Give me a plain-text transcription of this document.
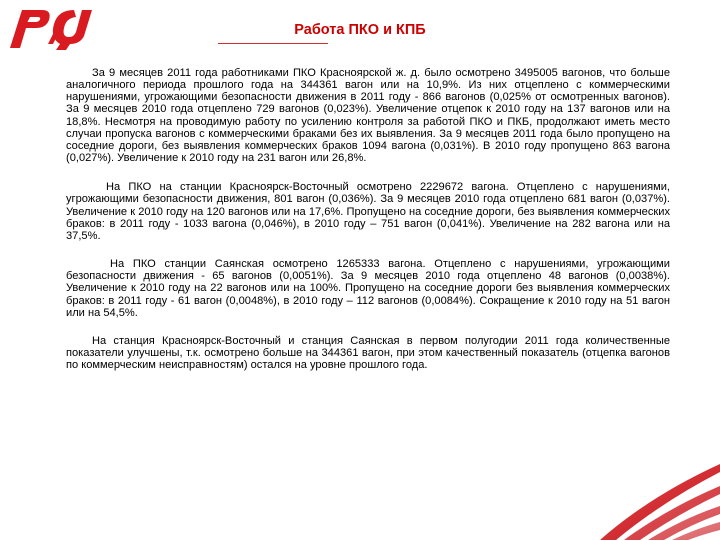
Работа ПКО и КПБ

За 9 месяцев 2011 года работниками ПКО Красноярской ж. д. было осмотрено 3495005 вагонов, что больше аналогичного периода прошлого года на 344361 вагон или на 10,9%. Из них отцеплено с коммерческими нарушениями, угрожающими безопасности движения в 2011 году - 866 вагонов (0,025% от осмотренных вагонов). За 9 месяцев 2010 года отцеплено 729 вагонов (0,023%). Увеличение отцепок к 2010 году на 137 вагонов или на 18,8%. Несмотря на проводимую работу по усилению контроля за работой ПКО и ПКБ, продолжают иметь место случаи пропуска вагонов с коммерческими браками без их выявления. За 9 месяцев 2011 года было пропущено на соседние дороги, без выявления коммерческих браков 1094 вагона (0,031%). В 2010 году пропущено 863 вагона (0,027%). Увеличение к 2010 году на 231 вагон или 26,8%.

На ПКО на станции Красноярск-Восточный осмотрено 2229672 вагона. Отцеплено с нарушениями, угрожающими безопасности движения, 801 вагон (0,036%). За 9 месяцев 2010 года отцеплено 681 вагон (0,037%). Увеличение к 2010 году на 120 вагонов или на 17,6%. Пропущено на соседние дороги, без выявления коммерческих браков: в 2011 году - 1033 вагона (0,046%), в 2010 году – 751 вагон (0,041%). Увеличение на 282 вагона или на 37,5%.

На ПКО станции Саянская осмотрено 1265333 вагона. Отцеплено с нарушениями, угрожающими безопасности движения - 65 вагонов (0,0051%). За 9 месяцев 2010 года отцеплено 48 вагонов (0,0038%). Увеличение к 2010 году на 22 вагонов или на 100%. Пропущено на соседние дороги без выявления коммерческих браков: в 2011 году - 61 вагон (0,0048%), в 2010 году – 112 вагонов (0,0084%). Сокращение к 2010 году на 51 вагон или на 54,5%.

На станция Красноярск-Восточный и станция Саянская в первом полугодии 2011 года количественные показатели улучшены, т.к. осмотрено больше на 344361 вагон, при этом качественный показатель (отцепка вагонов по коммерческим неисправностям) остался на уровне прошлого года.
